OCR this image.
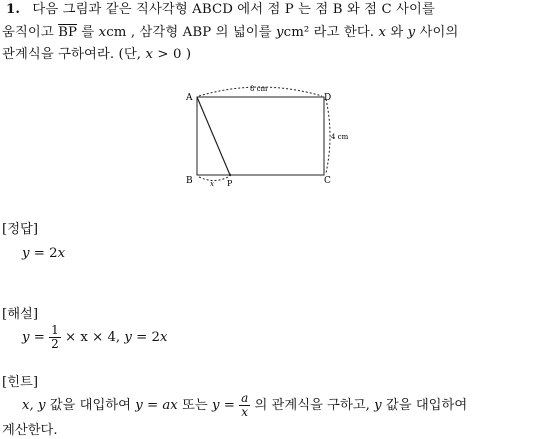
1. 다음 그림과 같은 직사각형 ABCD 에서 점 P 는 점 B 와 점 C 사이를
움직이고 $\overline{BP}$ 를 xcm , 삼각형 ABP 의 넓이를 ycm² 라고 한다. x 와 y 사이의
관계식을 구하여라. (단, x > 0 )
A
B	C
D
P
8 cm
4 cm
x
[정답]
y = 2x
[해설]
$y = \frac{1}{2} \times x \times 4$, y = 2x
[힌트]
x, y 값을 대입하여 y = ax 또는 $y = \frac{a}{x}$ 의 관계식을 구하고, y 값을 대입하여
계산한다.
